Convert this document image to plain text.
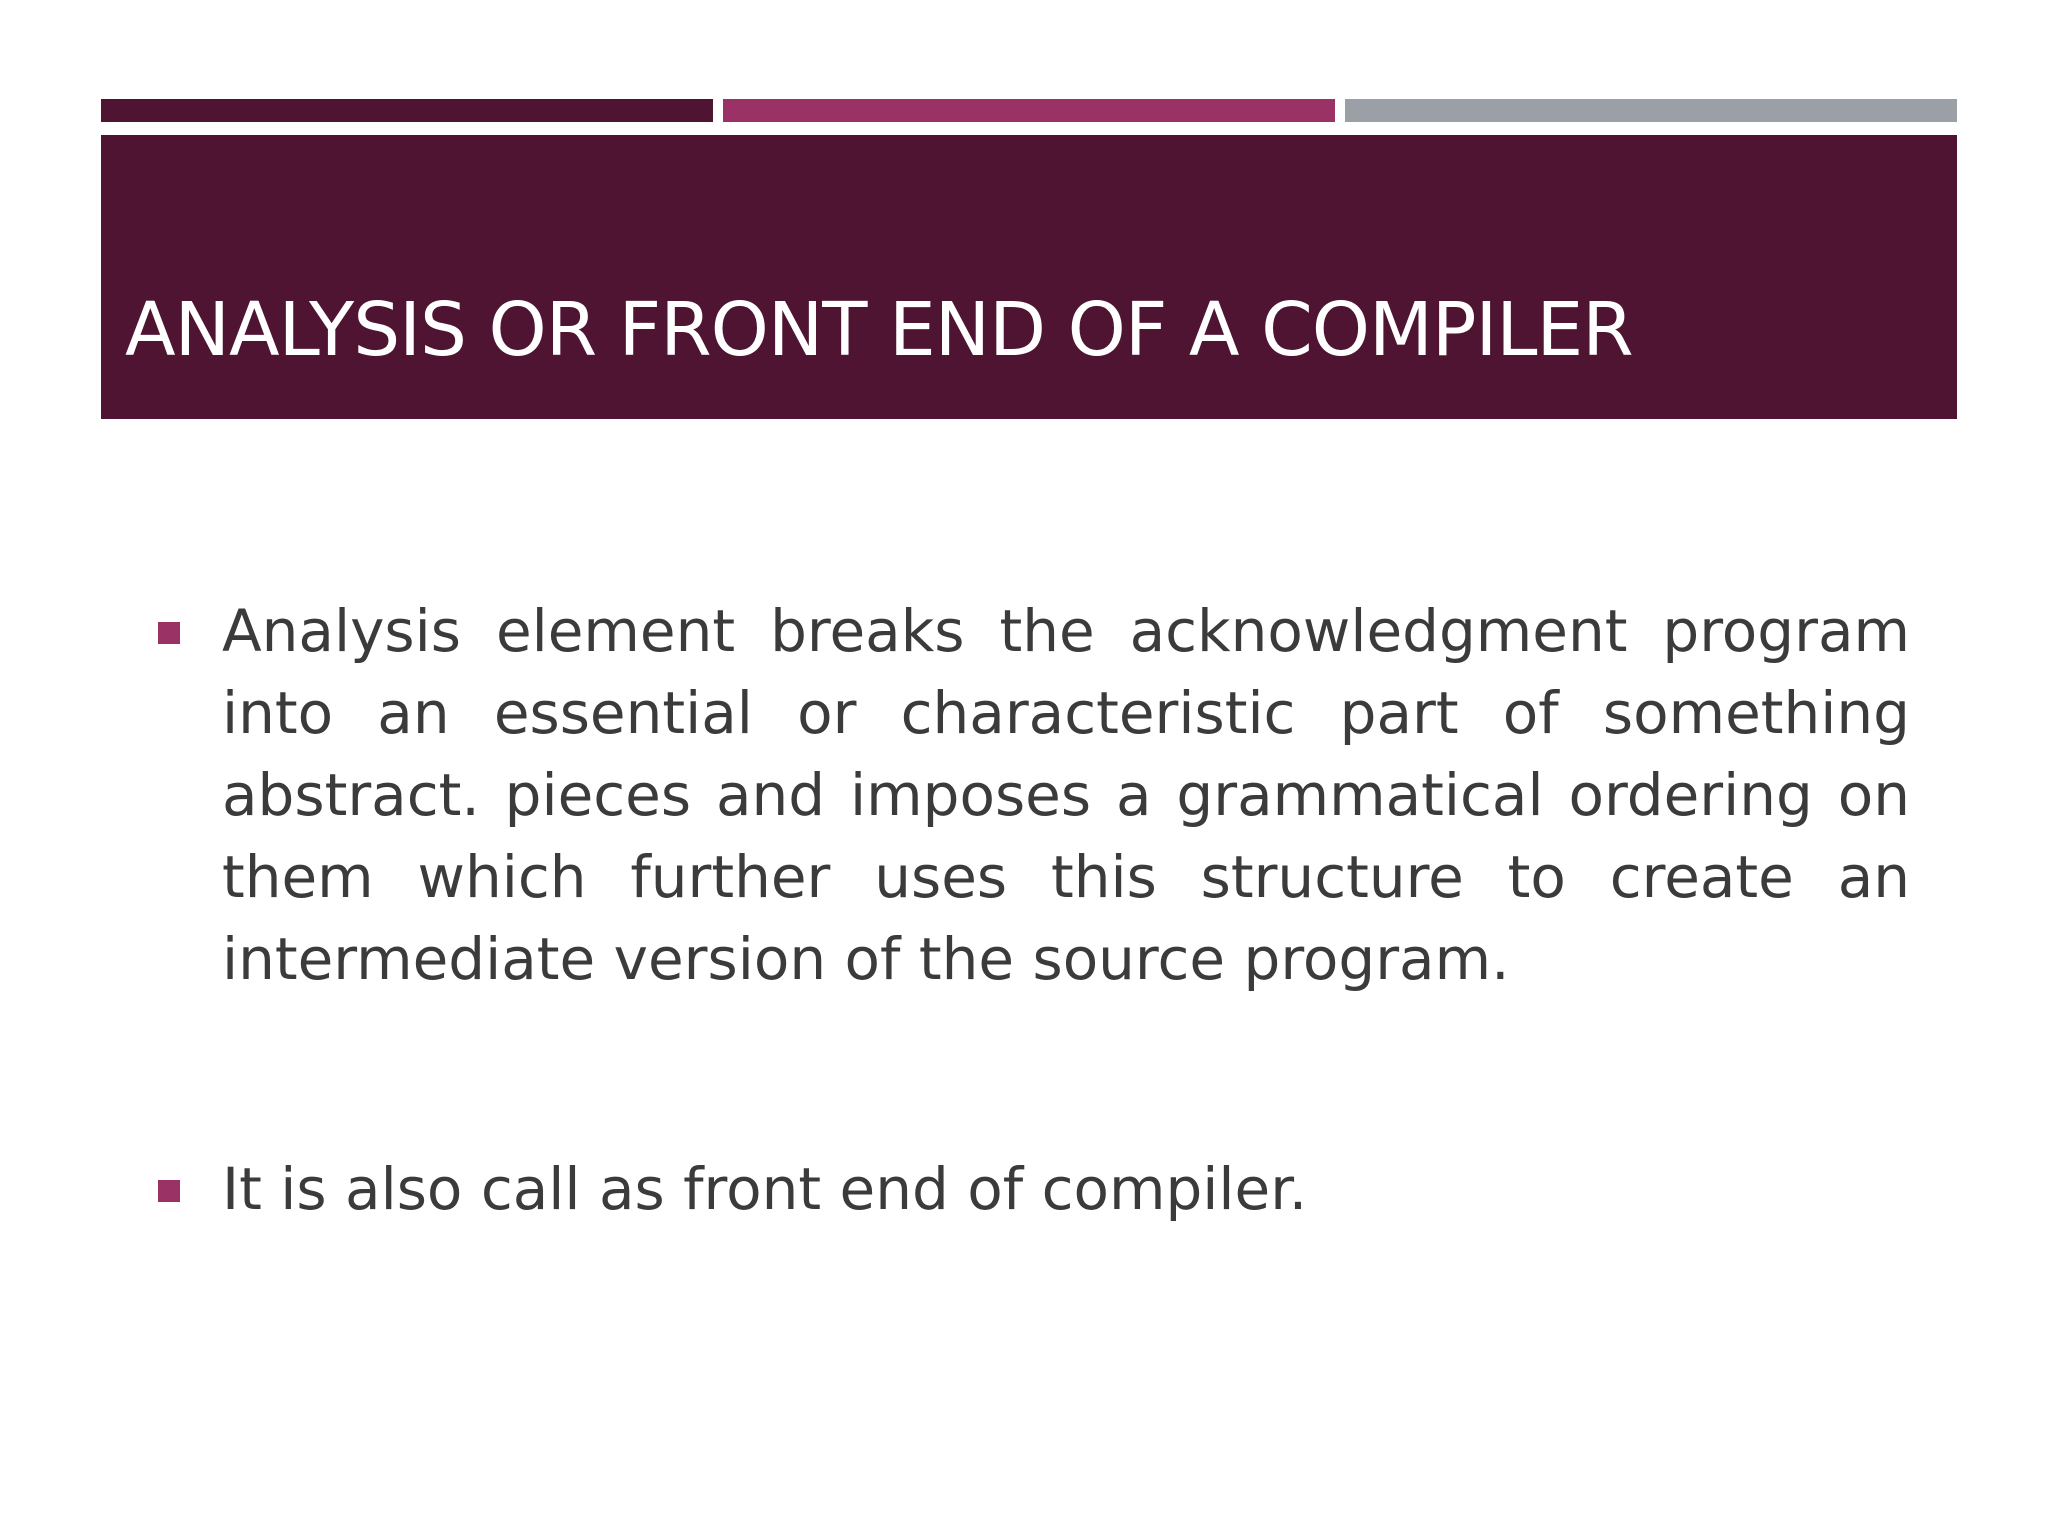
ANALYSIS OR FRONT END OF A COMPILER
Analysis element breaks the acknowledgment program into an essential or characteristic part of something abstract. pieces and imposes a grammatical ordering on them which further uses this structure to create an intermediate version of the source program.
It is also call as front end of compiler.
